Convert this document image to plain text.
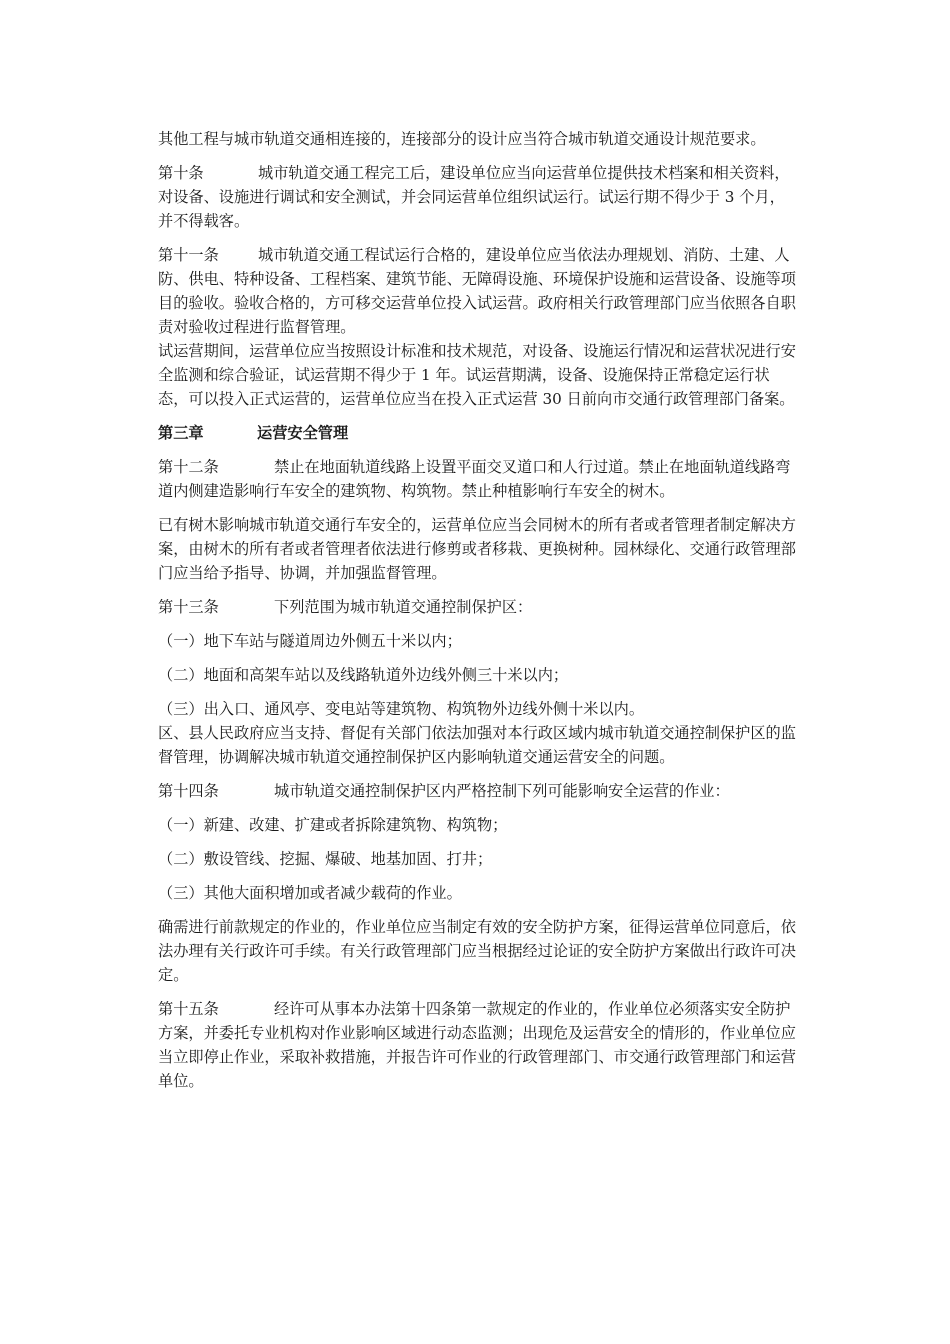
其他工程与城市轨道交通相连接的，连接部分的设计应当符合城市轨道交通设计规范要求。

第十条	城市轨道交通工程完工后，建设单位应当向运营单位提供技术档案和相关资料，对设备、设施进行调试和安全测试，并会同运营单位组织试运行。试运行期不得少于 3 个月，并不得载客。

第十一条	城市轨道交通工程试运行合格的，建设单位应当依法办理规划、消防、土建、人防、供电、特种设备、工程档案、建筑节能、无障碍设施、环境保护设施和运营设备、设施等项目的验收。验收合格的，方可移交运营单位投入试运营。政府相关行政管理部门应当依照各自职责对验收过程进行监督管理。

试运营期间，运营单位应当按照设计标准和技术规范，对设备、设施运行情况和运营状况进行安全监测和综合验证，试运营期不得少于 1 年。试运营期满，设备、设施保持正常稳定运行状态，可以投入正式运营的，运营单位应当在投入正式运营 30 日前向市交通行政管理部门备案。

第三章	运营安全管理

第十二条	禁止在地面轨道线路上设置平面交叉道口和人行过道。禁止在地面轨道线路弯道内侧建造影响行车安全的建筑物、构筑物。禁止种植影响行车安全的树木。

已有树木影响城市轨道交通行车安全的，运营单位应当会同树木的所有者或者管理者制定解决方案，由树木的所有者或者管理者依法进行修剪或者移栽、更换树种。园林绿化、交通行政管理部门应当给予指导、协调，并加强监督管理。

第十三条	下列范围为城市轨道交通控制保护区：

（一）地下车站与隧道周边外侧五十米以内；

（二）地面和高架车站以及线路轨道外边线外侧三十米以内；

（三）出入口、通风亭、变电站等建筑物、构筑物外边线外侧十米以内。

区、县人民政府应当支持、督促有关部门依法加强对本行政区域内城市轨道交通控制保护区的监督管理，协调解决城市轨道交通控制保护区内影响轨道交通运营安全的问题。

第十四条	城市轨道交通控制保护区内严格控制下列可能影响安全运营的作业：

（一）新建、改建、扩建或者拆除建筑物、构筑物；

（二）敷设管线、挖掘、爆破、地基加固、打井；

（三）其他大面积增加或者减少载荷的作业。

确需进行前款规定的作业的，作业单位应当制定有效的安全防护方案，征得运营单位同意后，依法办理有关行政许可手续。有关行政管理部门应当根据经过论证的安全防护方案做出行政许可决定。

第十五条	经许可从事本办法第十四条第一款规定的作业的，作业单位必须落实安全防护方案，并委托专业机构对作业影响区域进行动态监测；出现危及运营安全的情形的，作业单位应当立即停止作业，采取补救措施，并报告许可作业的行政管理部门、市交通行政管理部门和运营单位。
